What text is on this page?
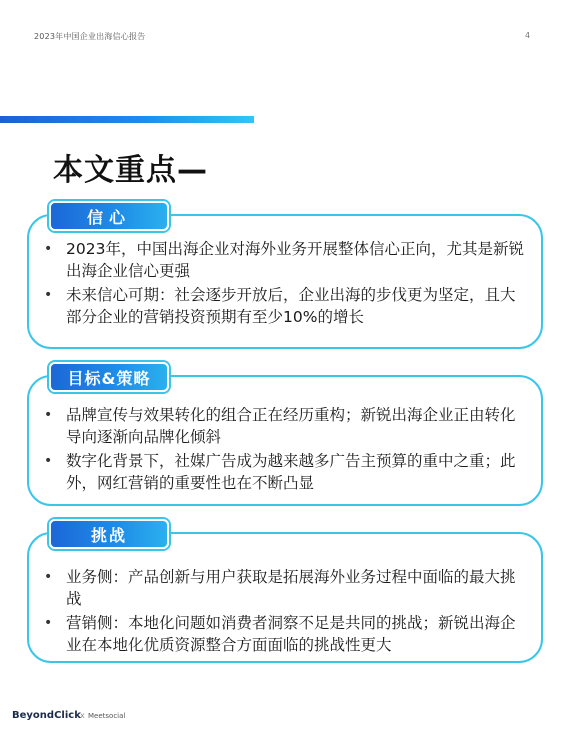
2023年中国企业出海信心报告	4
本文重点—
信心
• 2023年，中国出海企业对海外业务开展整体信心正向，尤其是新锐出海企业信心更强
• 未来信心可期：社会逐步开放后，企业出海的步伐更为坚定，且大部分企业的营销投资预期有至少10%的增长
目标&策略
• 品牌宣传与效果转化的组合正在经历重构；新锐出海企业正由转化导向逐渐向品牌化倾斜
• 数字化背景下，社媒广告成为越来越多广告主预算的重中之重；此外，网红营销的重要性也在不断凸显
挑战
• 业务侧：产品创新与用户获取是拓展海外业务过程中面临的最大挑战
• 营销侧：本地化问题如消费者洞察不足是共同的挑战；新锐出海企业在本地化优质资源整合方面面临的挑战性更大
BeyondClick x Meetsocial
